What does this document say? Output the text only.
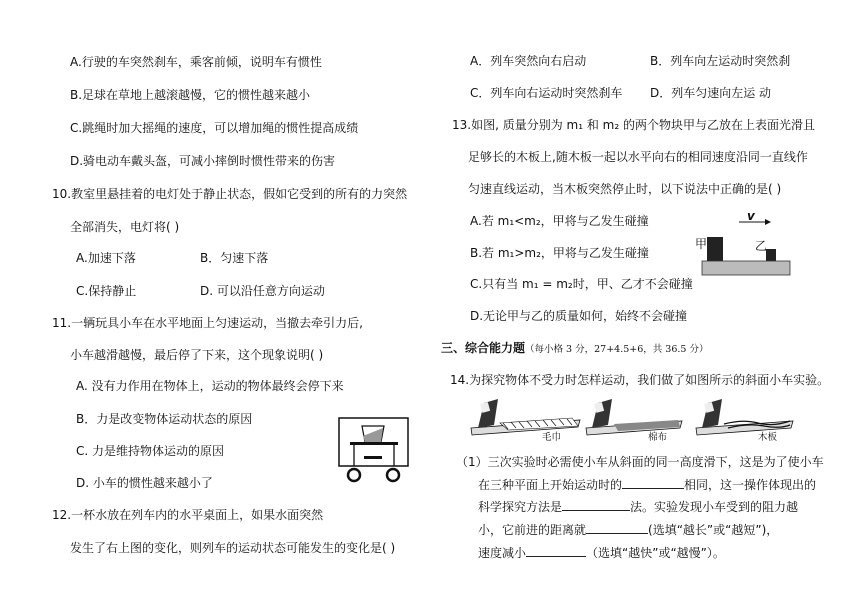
A.行驶的车突然刹车，乘客前倾，说明车有惯性
B.足球在草地上越滚越慢，它的惯性越来越小
C.跳绳时加大摇绳的速度，可以增加绳的惯性提高成绩
D.骑电动车戴头盔，可减小摔倒时惯性带来的伤害
10.教室里悬挂着的电灯处于静止状态，假如它受到的所有的力突然
全部消失，电灯将( )
A.加速下落	B．匀速下落
C.保持静止	D. 可以沿任意方向运动
11.一辆玩具小车在水平地面上匀速运动，当撤去牵引力后,
小车越滑越慢，最后停了下来，这个现象说明( )
A. 没有力作用在物体上，运动的物体最终会停下来
B．力是改变物体运动状态的原因
C. 力是维持物体运动的原因
D. 小车的惯性越来越小了
12.一杯水放在列车内的水平桌面上，如果水面突然
发生了右上图的变化，则列车的运动状态可能发生的变化是( )
A．列车突然向右启动	B．列车向左运动时突然刹
C．列车向右运动时突然刹车 D．列车匀速向左运 动
13.如图, 质量分别为 m₁ 和 m₂ 的两个物块甲与乙放在上表面光滑且
足够长的木板上,随木板一起以水平向右的相同速度沿同一直线作
匀速直线运动，当木板突然停止时，以下说法中正确的是( )
A.若 m₁<m₂，甲将与乙发生碰撞
B.若 m₁>m₂，甲将与乙发生碰撞
C.只有当 m₁ = m₂时，甲、乙才不会碰撞
D.无论甲与乙的质量如何，始终不会碰撞
甲	乙
v
三、综合能力题（每小格 3 分，27+4.5+6，共 36.5 分）
14.为探究物体不受力时怎样运动，我们做了如图所示的斜面小车实验。
毛巾	棉布	木板
（1）三次实验时必需使小车从斜面的同一高度滑下，这是为了使小车
在三种平面上开始运动时的	相同，这一操作体现出的
科学探究方法是	法。实验发现小车受到的阻力越
小，它前进的距离就	(选填“越长”或“越短”)，
速度减小	（选填“越快”或“越慢”）。
